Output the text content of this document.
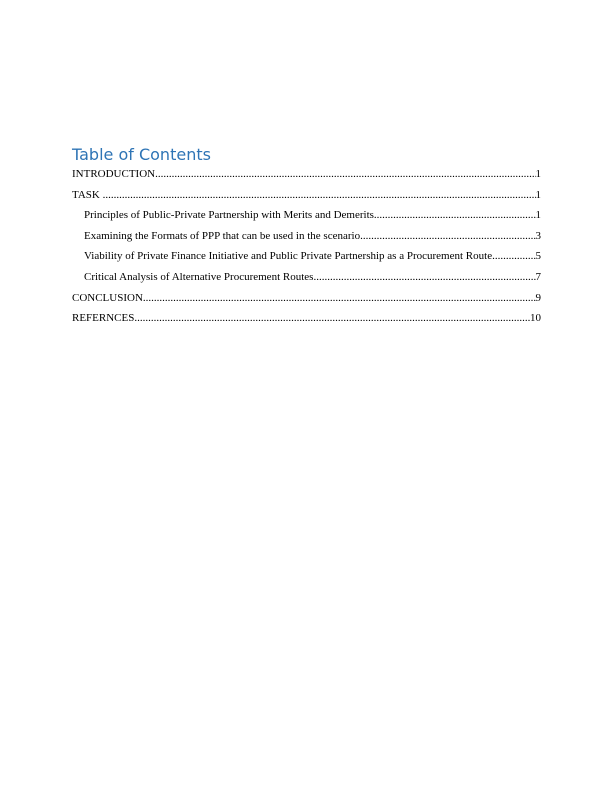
Table of Contents
INTRODUCTION .....	1
TASK .....	1
Principles of Public-Private Partnership with Merits and Demerits .....	1
Examining the Formats of PPP that can be used in the scenario .....	3
Viability of Private Finance Initiative and Public Private Partnership as a Procurement Route. .....	5
Critical Analysis of Alternative Procurement Routes .....	7
CONCLUSION .....	9
REFERNCES .....	10
